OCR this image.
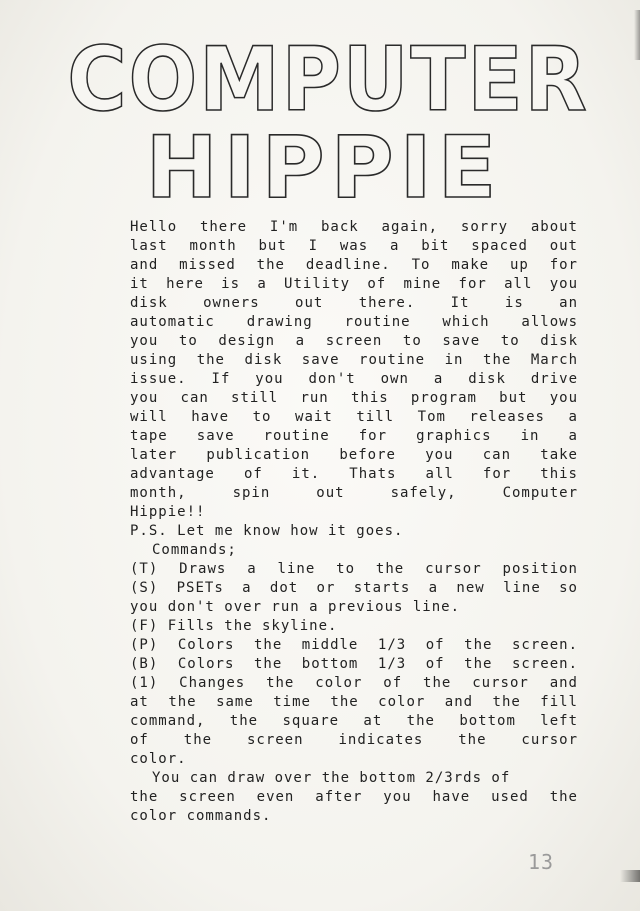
COMPUTER
HIPPIE
Hello there I'm back again, sorry about
last month but I was a bit spaced out
and missed the deadline. To make up for
it here is a Utility of mine for all you
disk owners out there. It is an
automatic drawing routine which allows
you to design a screen to save to disk
using the disk save routine in the March
issue. If you don't own a disk drive
you can still run this program but you
will have to wait till Tom releases a
tape save routine for graphics in a
later publication before you can take
advantage of it. Thats all for this
month, spin out safely, Computer
Hippie!!
P.S. Let me know how it goes.
Commands;
(T) Draws a line to the cursor position
(S) PSETs a dot or starts a new line so
you don't over run a previous line.
(F) Fills the skyline.
(P) Colors the middle 1/3 of the screen.
(B) Colors the bottom 1/3 of the screen.
(1) Changes the color of the cursor and
at the same time the color and the fill
command, the square at the bottom left
of the screen indicates the cursor
color.
You can draw over the bottom 2/3rds of
the screen even after you have used the
color commands.
13
